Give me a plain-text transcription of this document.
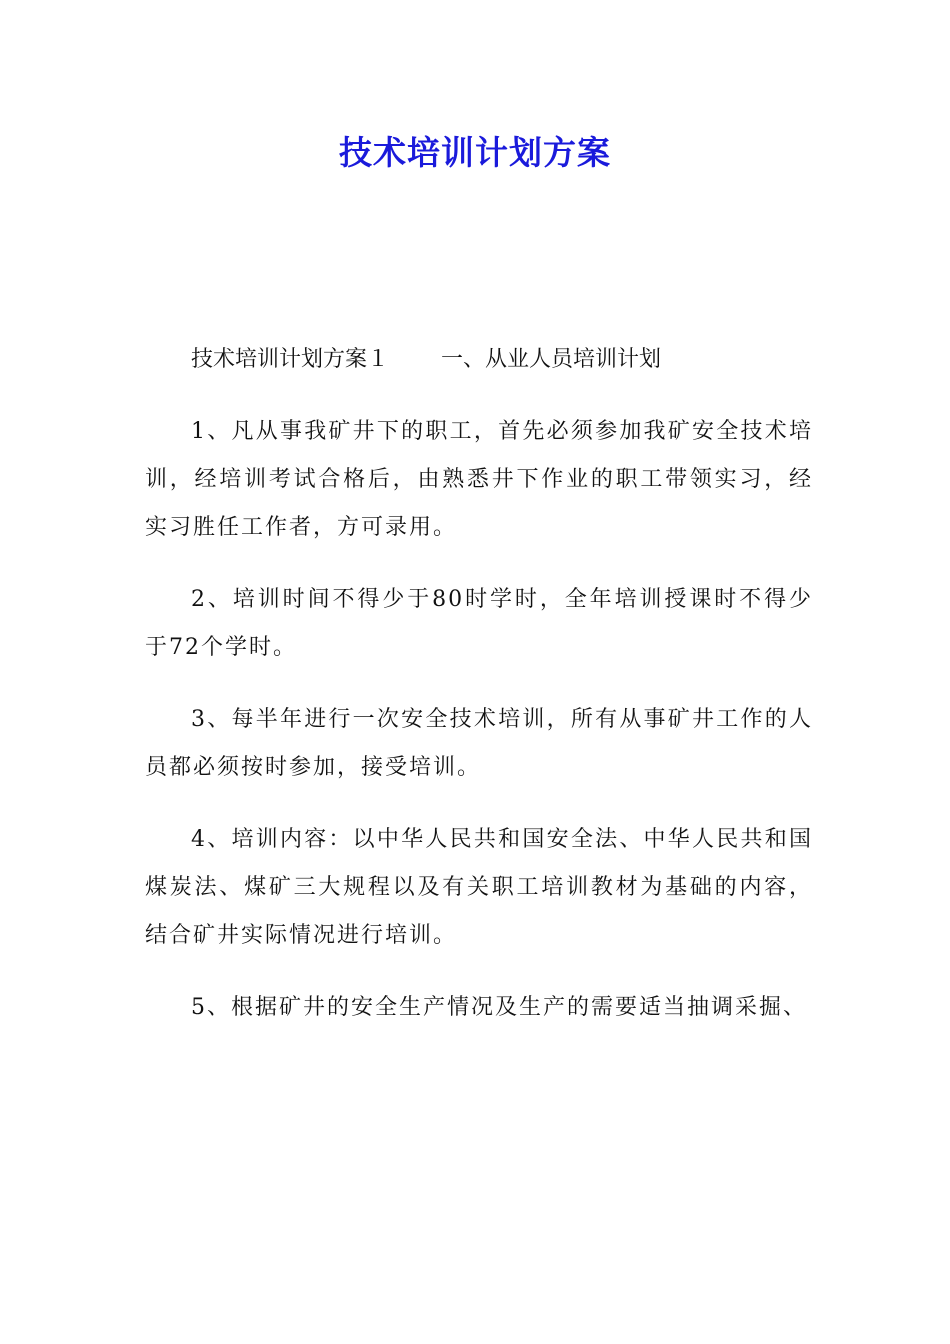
技术培训计划方案

技术培训计划方案１ 一、从业人员培训计划

1、凡从事我矿井下的职工，首先必须参加我矿安全技术培训，经培训考试合格后，由熟悉井下作业的职工带领实习，经实习胜任工作者，方可录用。

2、培训时间不得少于80时学时，全年培训授课时不得少于72个学时。

3、每半年进行一次安全技术培训，所有从事矿井工作的人员都必须按时参加，接受培训。

4、培训内容：以中华人民共和国安全法、中华人民共和国煤炭法、煤矿三大规程以及有关职工培训教材为基础的内容，结合矿井实际情况进行培训。

5、根据矿井的安全生产情况及生产的需要适当抽调采掘、
